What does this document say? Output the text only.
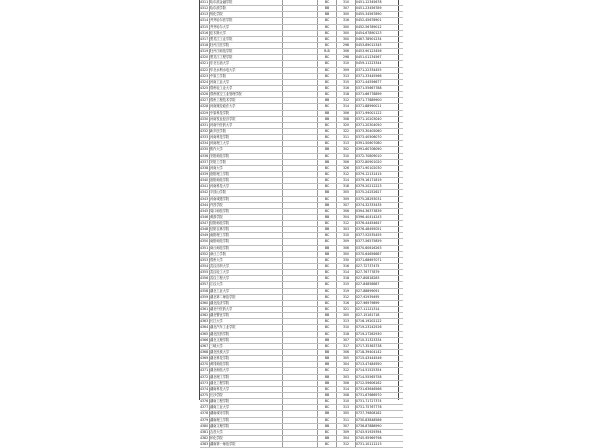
4311	哈尔滨金融学院		BC	310	0451-12345678
4312	哈尔滨学院		BB	307	0451-23456789
4313	绥化学院		BB	300	0455-34567890
4314	齐齐哈尔医学院		BC	316	0452-45678901
4315	齐齐哈尔大学		BC	300	0452-56789012
4316	佳木斯大学		BC	300	0454-67890123
4317	黑龙江工业学院		BC	300	0467-78901234
4318	牡丹江医学院		BC	298	0453-89012345
4319	牡丹江师范学院		B-B	306	0453-90123456
4320	黑龙江工程学院		BC	298	0451-01234567
4321	东北石油大学		BC	310	0459-11223344
4322	华北水利水电大学		BC	309	0371-22334455
4323	中原工学院		BC	313	0371-33445566
4324	河南工业大学		BC	315	0371-44556677
4325	郑州轻工业大学		BC	316	0371-55667788
4326	郑州航空工业管理学院		BC	318	0371-66778899
4327	郑州工程技术学院		BB	312	0371-77889900
4328	河南财经政法大学		BC	314	0371-88990011
4329	中原科技学院		BB	306	0371-99001122
4330	河南牧业经济学院		BB	308	0371-10203040
4331	河南中医药大学		BC	320	0371-20304050
4332	新乡医学院		BC	322	0373-30405060
4333	河南科技学院		BC	311	0373-40506070
4334	河南理工大学		BC	313	0391-50607080
4335	焦作大学		BB	302	0391-60708090
4336	安阳师范学院		BC	310	0372-70809010
4337	安阳工学院		BB	306	0372-80901020
4338	河南大学		BC	326	0371-90102030
4339	洛阳理工学院		BC	312	0379-12131415
4340	洛阳师范学院		BC	314	0379-16171819
4341	河南科技大学		BC	318	0379-20212223
4342	平顶山学院		BB	305	0375-24252627
4343	河南城建学院		BC	309	0375-28293031
4344	许昌学院		BB	307	0374-32333435
4345	周口师范学院		BC	306	0394-36373839
4346	黄淮学院		BB	304	0396-40414243
4347	信阳师范学院		BC	312	0376-44454647
4348	信阳农林学院		BB	303	0376-48495051
4349	南阳理工学院		BC	310	0377-52535455
4350	南阳师范学院		BC	309	0377-56575859
4351	商丘师范学院		BB	306	0370-60616263
4352	商丘工学院		BB	300	0370-64656667
4353	郑州大学		BC	330	0371-68697071
4354	武汉纺织大学		BC	316	027-72737475
4355	武汉轻工大学		BC	314	027-76777879
4356	武汉工程大学		BC	318	027-80818283
4357	江汉大学		BC	315	027-84858687
4358	湖北工业大学		BC	319	027-88899091
4359	湖北第二师范学院		BC	312	027-92939495
4360	湖北经济学院		BC	316	027-96979899
4361	湖北中医药大学		BC	321	027-11121314
4362	湖北警官学院		BB	305	027-15161718
4363	长江大学		BC	313	0716-19202122
4364	湖北汽车工业学院		BC	310	0719-23242526
4365	湖北医药学院		BC	318	0719-27282930
4366	湖北文理学院		BB	307	0710-31323334
4367	三峡大学		BC	317	0717-35363738
4368	湖北民族大学		BB	306	0718-39404142
4369	湖北科技学院		BB	305	0715-43444546
4370	黄冈师范学院		BB	304	0713-47484950
4371	湖北师范大学		BC	312	0714-51525354
4372	湖北理工学院		BB	303	0714-55565758
4373	湖北工程学院		BB	306	0712-59606162
4374	湖南科技大学		BC	314	0731-63646566
4375	长沙学院		BB	308	0731-67686970
4376	湖南工程学院		BC	310	0731-71727374
4377	湖南工业大学		BC	313	0731-75767778
4378	湖南城市学院		BB	305	0737-79808182
4379	湖南理工学院		BC	311	0730-83848586
4380	湖南文理学院		BB	307	0736-87888990
4381	吉首大学		BC	309	0743-91929394
4382	怀化学院		BB	304	0745-95969798
4383	湖南第一师范学院		BC	312	0731-10111213
